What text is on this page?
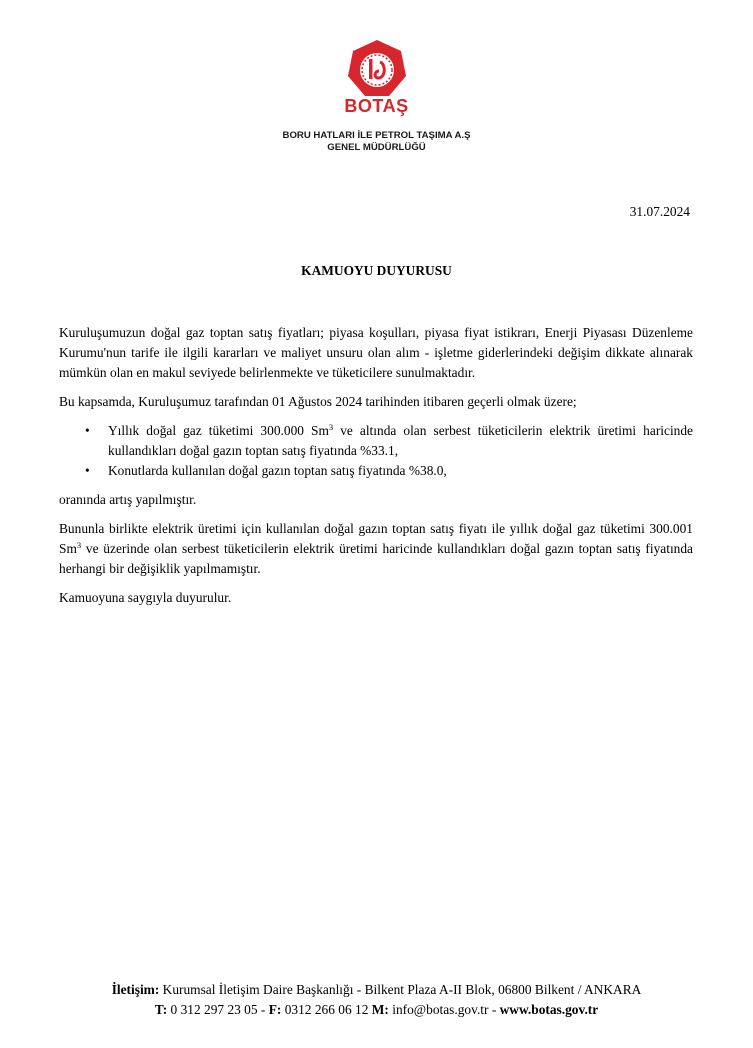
BOTAŞ
BORU HATLARI İLE PETROL TAŞIMA A.Ş
GENEL MÜDÜRLÜĞÜ
31.07.2024
KAMUOYU DUYURUSU

Kuruluşumuzun doğal gaz toptan satış fiyatları; piyasa koşulları, piyasa fiyat istikrarı, Enerji Piyasası Düzenleme Kurumu'nun tarife ile ilgili kararları ve maliyet unsuru olan alım - işletme giderlerindeki değişim dikkate alınarak mümkün olan en makul seviyede belirlenmekte ve tüketicilere sunulmaktadır.

Bu kapsamda, Kuruluşumuz tarafından 01 Ağustos 2024 tarihinden itibaren geçerli olmak üzere;

• Yıllık doğal gaz tüketimi 300.000 Sm$^3$ ve altında olan serbest tüketicilerin elektrik üretimi haricinde kullandıkları doğal gazın toptan satış fiyatında %33.1,
• Konutlarda kullanılan doğal gazın toptan satış fiyatında %38.0,

oranında artış yapılmıştır.

Bununla birlikte elektrik üretimi için kullanılan doğal gazın toptan satış fiyatı ile yıllık doğal gaz tüketimi 300.001 Sm$^3$ ve üzerinde olan serbest tüketicilerin elektrik üretimi haricinde kullandıkları doğal gazın toptan satış fiyatında herhangi bir değişiklik yapılmamıştır.

Kamuoyuna saygıyla duyurulur.

İletişim: Kurumsal İletişim Daire Başkanlığı - Bilkent Plaza A-II Blok, 06800 Bilkent / ANKARA
T: 0 312 297 23 05 - F: 0312 266 06 12 M: info@botas.gov.tr - www.botas.gov.tr
